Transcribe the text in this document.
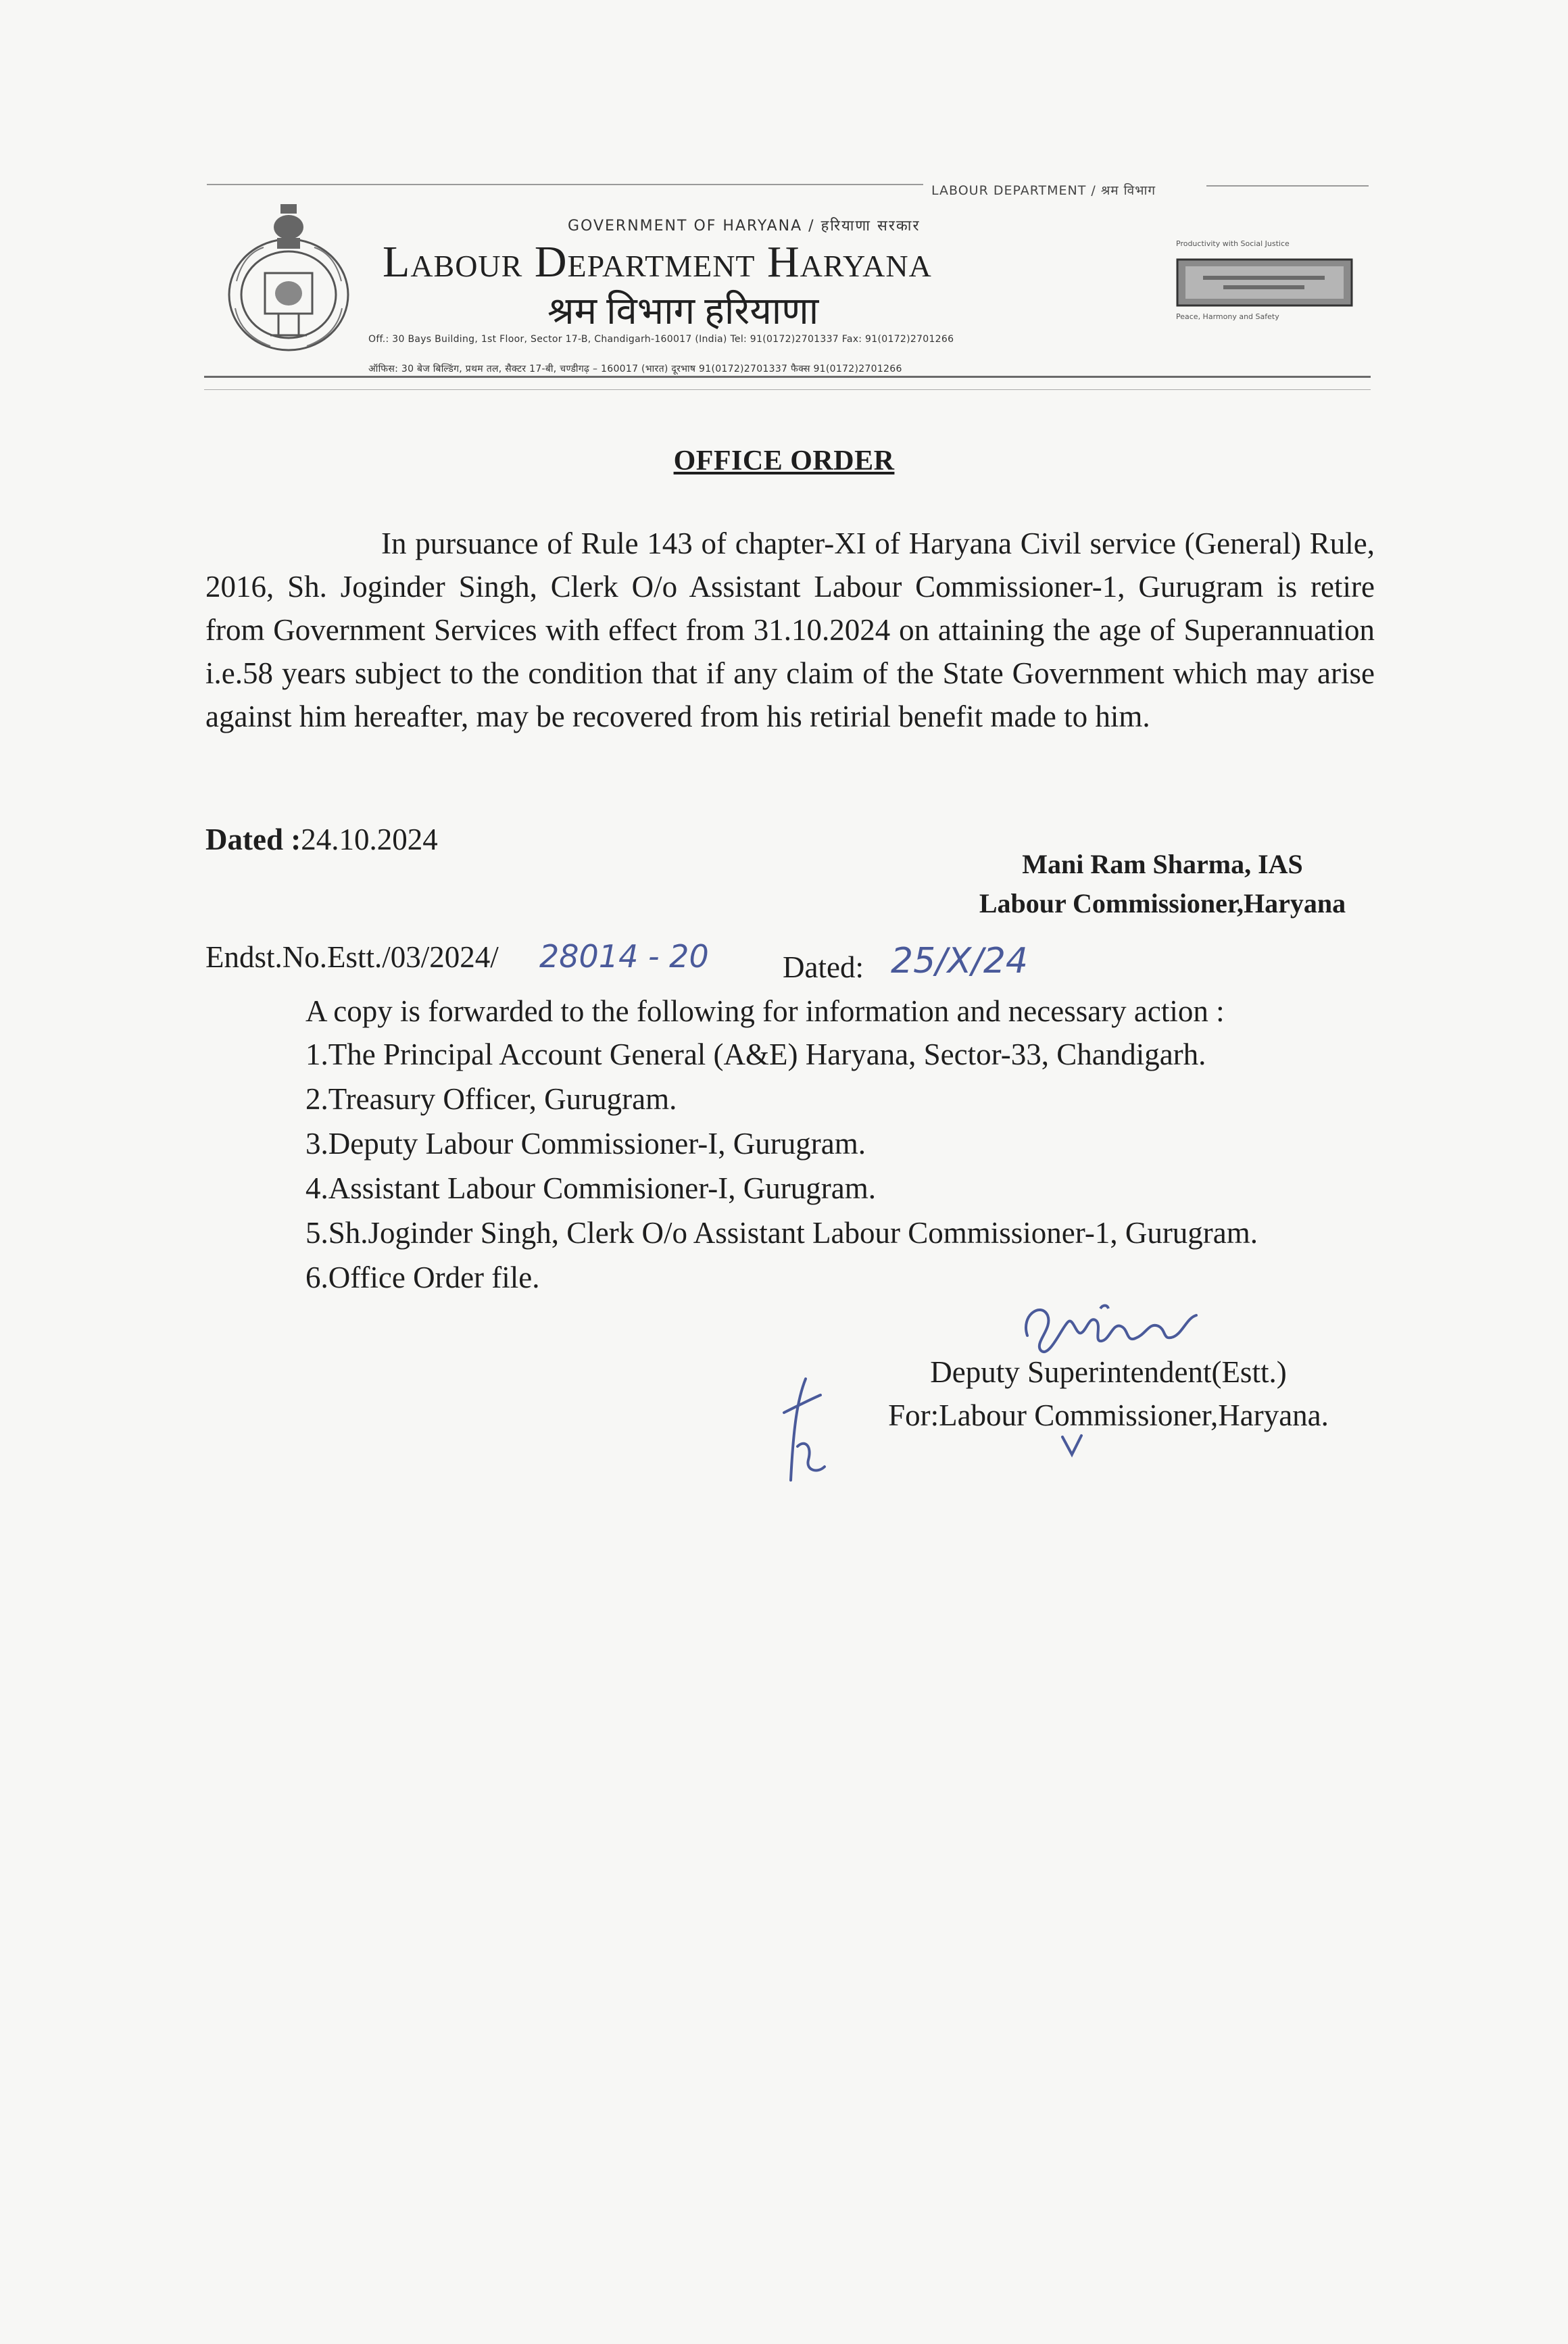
LABOUR DEPARTMENT / श्रम विभाग
GOVERNMENT OF HARYANA / हरियाणा सरकार
Labour Department Haryana
श्रम विभाग हरियाणा
Off.: 30 Bays Building, 1st Floor, Sector 17-B, Chandigarh-160017 (India) Tel: 91(0172)2701337 Fax: 91(0172)2701266
ऑफिस: 30 बेज बिल्डिंग, प्रथम तल, सैक्टर 17-बी, चण्डीगढ़ – 160017 (भारत) दूरभाष 91(0172)2701337 फैक्स 91(0172)2701266
Productivity with Social Justice
Peace, Harmony and Safety
OFFICE ORDER
In pursuance of Rule 143 of chapter-XI of Haryana Civil service (General) Rule, 2016, Sh. Joginder Singh, Clerk O/o Assistant Labour Commissioner-1, Gurugram is retire from Government Services with effect from 31.10.2024 on attaining the age of Superannuation i.e.58 years subject to the condition that if any claim of the State Government which may arise against him hereafter, may be recovered from his retirial benefit made to him.
Dated :24.10.2024
Mani Ram Sharma, IAS
Labour Commissioner,Haryana
Endst.No.Estt./03/2024/ 28014 - 20 Dated: 25/X/24
A copy is forwarded to the following for information and necessary action :
1.The Principal Account General (A&E) Haryana, Sector-33, Chandigarh.
2.Treasury Officer, Gurugram.
3.Deputy Labour Commissioner-I, Gurugram.
4.Assistant Labour Commisioner-I, Gurugram.
5.Sh.Joginder Singh, Clerk O/o Assistant Labour Commissioner-1, Gurugram.
6.Office Order file.
Deputy Superintendent(Estt.)
For:Labour Commissioner,Haryana.
